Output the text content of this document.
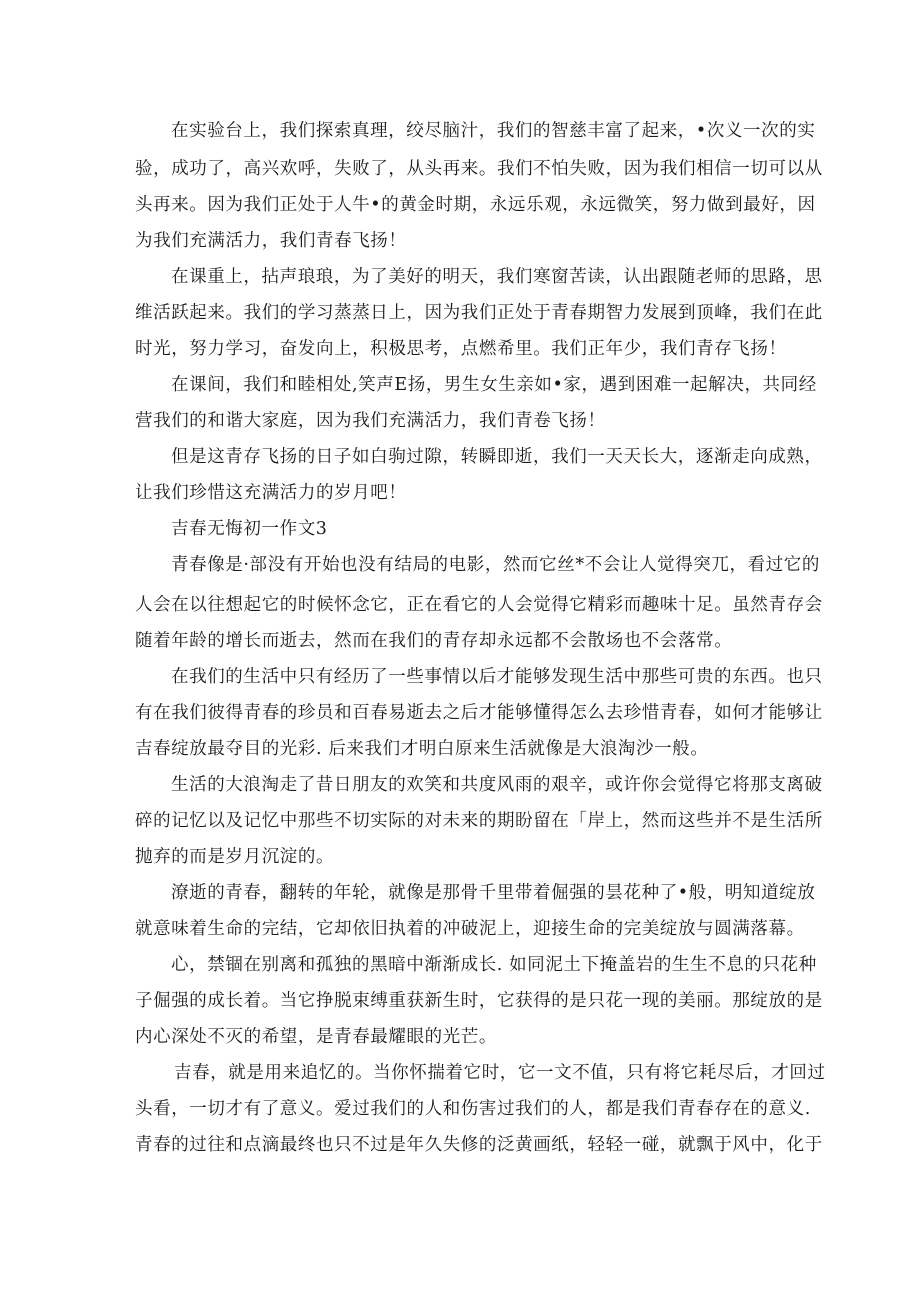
在实验台上，我们探索真理，绞尽脑汁，我们的智慈丰富了起来，•次义一次的实
验，成功了，高兴欢呼，失败了，从头再来。我们不怕失败，因为我们相信一切可以从
头再来。因为我们正处于人牛•的黄金时期，永远乐观，永远微笑，努力做到最好，因
为我们充满活力，我们青春飞扬！
在课重上，拈声琅琅，为了美好的明天，我们寒窗苦读，认出跟随老师的思路，思
维活跃起来。我们的学习蒸蒸日上，因为我们正处于青春期智力发展到顶峰，我们在此
时光，努力学习，奋发向上，积极思考，点燃希里。我们正年少，我们青存飞扬！
在课间，我们和睦相处,笑声E扬，男生女生亲如•家，遇到困难一起解决，共同经
营我们的和谐大家庭，因为我们充满活力，我们青卷飞扬！
但是这青存飞扬的日子如白驹过隙，转瞬即逝，我们一天天长大，逐渐走向成熟，
让我们珍惜这充满活力的岁月吧！
吉春无悔初一作文3
青春像是·部没有开始也没有结局的电影，然而它丝*不会让人觉得突兀，看过它的
人会在以往想起它的时候怀念它，正在看它的人会觉得它精彩而趣味十足。虽然青存会
随着年龄的增长而逝去，然而在我们的青存却永远都不会散场也不会落常。
在我们的生活中只有经历了一些事情以后才能够发现生活中那些可贵的东西。也只
有在我们彼得青春的珍员和百春易逝去之后才能够懂得怎么去珍惜青春，如何才能够让
吉春绽放最夺目的光彩. 后来我们才明白原来生活就像是大浪淘沙一般。
生活的大浪淘走了昔日朋友的欢笑和共度风雨的艰辛，或许你会觉得它将那支离破
碎的记忆以及记忆中那些不切实际的对未来的期盼留在「岸上，然而这些并不是生活所
抛弃的而是岁月沉淀的。
潦逝的青春，翻转的年轮，就像是那骨千里带着倔强的昙花种了•般，明知道绽放
就意味着生命的完结，它却依旧执着的冲破泥上，迎接生命的完美绽放与圆满落幕。
心，禁锢在别离和孤独的黑暗中渐渐成长. 如同泥土下掩盖岩的生生不息的只花种
子倔强的成长着。当它挣脱束缚重获新生时，它获得的是只花一现的美丽。那绽放的是
内心深处不灭的希望，是青春最耀眼的光芒。
吉春，就是用来追忆的。当你怀揣着它时，它一文不值，只有将它耗尽后，才回过
头看，一切才有了意义。爱过我们的人和伤害过我们的人，都是我们青春存在的意义.
青春的过往和点滴最终也只不过是年久失修的泛黄画纸，轻轻一碰，就飘于风中，化于
